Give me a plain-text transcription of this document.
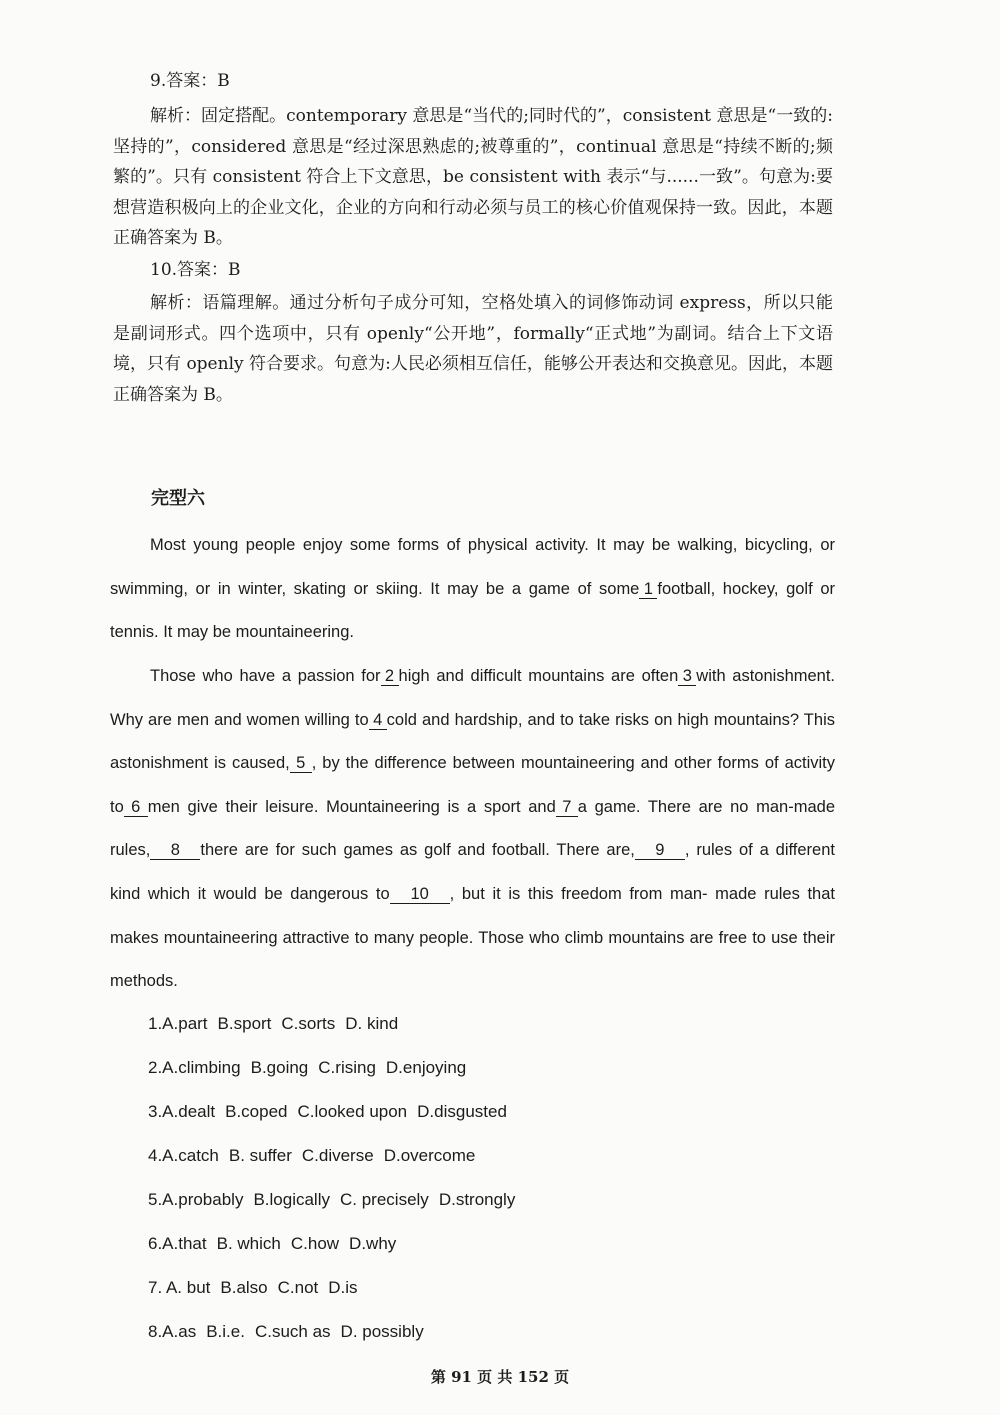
9.答案：B
解析：固定搭配。contemporary 意思是“当代的;同时代的”，consistent 意思是“一致的:坚持的”，considered 意思是“经过深思熟虑的;被尊重的”，continual 意思是“持续不断的;频繁的”。只有 consistent 符合上下文意思，be consistent with 表示“与......一致”。句意为:要想营造积极向上的企业文化，企业的方向和行动必须与员工的核心价值观保持一致。因此，本题正确答案为 B。
10.答案：B
解析：语篇理解。通过分析句子成分可知，空格处填入的词修饰动词 express，所以只能是副词形式。四个选项中，只有 openly“公开地”，formally“正式地”为副词。结合上下文语境，只有 openly 符合要求。句意为:人民必须相互信任，能够公开表达和交换意见。因此，本题正确答案为 B。
完型六
Most young people enjoy some forms of physical activity. It may be walking, bicycling, or swimming, or in winter, skating or skiing. It may be a game of some 1 football, hockey, golf or tennis. It may be mountaineering.
Those who have a passion for 2 high and difficult mountains are often 3 with astonishment. Why are men and women willing to 4 cold and hardship, and to take risks on high mountains? This astonishment is caused, 5 , by the difference between mountaineering and other forms of activity to 6 men give their leisure. Mountaineering is a sport and 7 a game. There are no man-made rules, 8 there are for such games as golf and football. There are, 9 , rules of a different kind which it would be dangerous to 10 , but it is this freedom from man- made rules that makes mountaineering attractive to many people. Those who climb mountains are free to use their methods.
1.A.part B.sport C.sorts D. kind
2.A.climbing B.going C.rising D.enjoying
3.A.dealt B.coped C.looked upon D.disgusted
4.A.catch B. suffer C.diverse D.overcome
5.A.probably B.logically C. precisely D.strongly
6.A.that B. which C.how D.why
7. A. but B.also C.not D.is
8.A.as B.i.e. C.such as D. possibly
第 91 页 共 152 页
